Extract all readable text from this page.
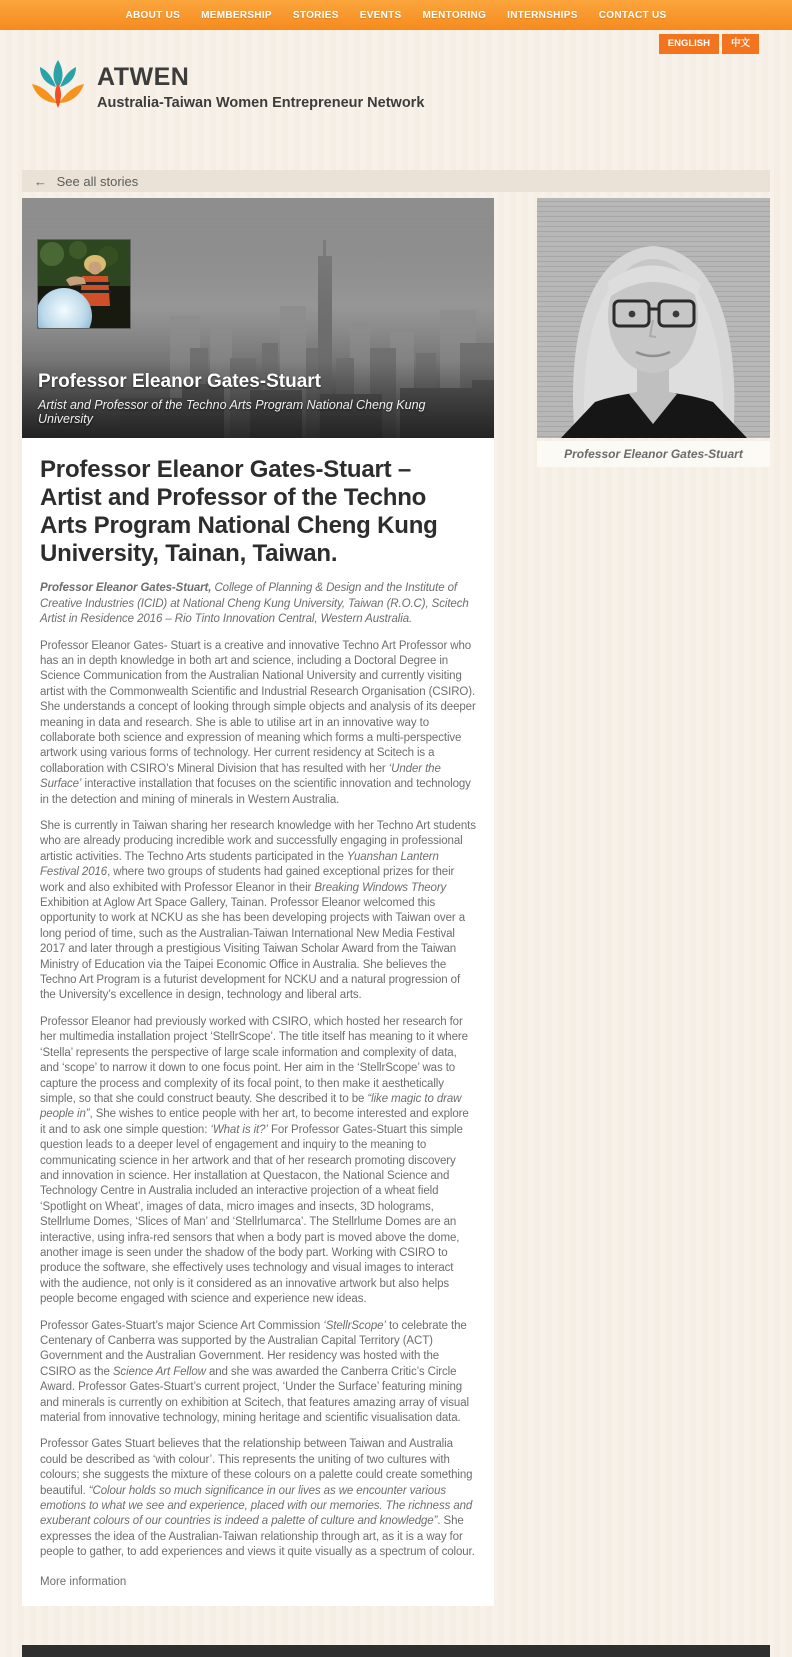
ABOUT US MEMBERSHIP STORIES EVENTS MENTORING INTERNSHIPS CONTACT US
ENGLISH	中文
ATWEN
Australia-Taiwan Women Entrepreneur Network
← See all stories
Professor Eleanor Gates-Stuart
Artist and Professor of the Techno Arts Program National Cheng Kung University
Professor Eleanor Gates-Stuart – Artist and Professor of the Techno Arts Program National Cheng Kung University, Tainan, Taiwan.

Professor Eleanor Gates-Stuart, College of Planning & Design and the Institute of Creative Industries (ICID) at National Cheng Kung University, Taiwan (R.O.C), Scitech Artist in Residence 2016 – Rio Tinto Innovation Central, Western Australia.

Professor Eleanor Gates- Stuart is a creative and innovative Techno Art Professor who has an in depth knowledge in both art and science, including a Doctoral Degree in Science Communication from the Australian National University and currently visiting artist with the Commonwealth Scientific and Industrial Research Organisation (CSIRO). She understands a concept of looking through simple objects and analysis of its deeper meaning in data and research. She is able to utilise art in an innovative way to collaborate both science and expression of meaning which forms a multi-perspective artwork using various forms of technology. Her current residency at Scitech is a collaboration with CSIRO’s Mineral Division that has resulted with her ‘Under the Surface’ interactive installation that focuses on the scientific innovation and technology in the detection and mining of minerals in Western Australia.

She is currently in Taiwan sharing her research knowledge with her Techno Art students who are already producing incredible work and successfully engaging in professional artistic activities. The Techno Arts students participated in the Yuanshan Lantern Festival 2016, where two groups of students had gained exceptional prizes for their work and also exhibited with Professor Eleanor in their Breaking Windows Theory Exhibition at Aglow Art Space Gallery, Tainan. Professor Eleanor welcomed this opportunity to work at NCKU as she has been developing projects with Taiwan over a long period of time, such as the Australian-Taiwan International New Media Festival 2017 and later through a prestigious Visiting Taiwan Scholar Award from the Taiwan Ministry of Education via the Taipei Economic Office in Australia. She believes the Techno Art Program is a futurist development for NCKU and a natural progression of the University’s excellence in design, technology and liberal arts.

Professor Eleanor had previously worked with CSIRO, which hosted her research for her multimedia installation project ‘StellrScope’. The title itself has meaning to it where ‘Stella’ represents the perspective of large scale information and complexity of data, and ‘scope’ to narrow it down to one focus point. Her aim in the ‘StellrScope’ was to capture the process and complexity of its focal point, to then make it aesthetically simple, so that she could construct beauty. She described it to be “like magic to draw people in”, She wishes to entice people with her art, to become interested and explore it and to ask one simple question: ‘What is it?’ For Professor Gates-Stuart this simple question leads to a deeper level of engagement and inquiry to the meaning to communicating science in her artwork and that of her research promoting discovery and innovation in science. Her installation at Questacon, the National Science and Technology Centre in Australia included an interactive projection of a wheat field ‘Spotlight on Wheat’, images of data, micro images and insects, 3D holograms, Stellrlume Domes, ‘Slices of Man’ and ‘Stellrlumarca’. The Stellrlume Domes are an interactive, using infra-red sensors that when a body part is moved above the dome, another image is seen under the shadow of the body part. Working with CSIRO to produce the software, she effectively uses technology and visual images to interact with the audience, not only is it considered as an innovative artwork but also helps people become engaged with science and experience new ideas.

Professor Gates-Stuart’s major Science Art Commission ‘StellrScope’ to celebrate the Centenary of Canberra was supported by the Australian Capital Territory (ACT) Government and the Australian Government. Her residency was hosted with the CSIRO as the Science Art Fellow and she was awarded the Canberra Critic’s Circle Award. Professor Gates-Stuart’s current project, ‘Under the Surface’ featuring mining and minerals is currently on exhibition at Scitech, that features amazing array of visual material from innovative technology, mining heritage and scientific visualisation data.

Professor Gates Stuart believes that the relationship between Taiwan and Australia could be described as ‘with colour’. This represents the uniting of two cultures with colours; she suggests the mixture of these colours on a palette could create something beautiful. “Colour holds so much significance in our lives as we encounter various emotions to what we see and experience, placed with our memories. The richness and exuberant colours of our countries is indeed a palette of culture and knowledge”. She expresses the idea of the Australian-Taiwan relationship through art, as it is a way for people to gather, to add experiences and views it quite visually as a spectrum of colour.

More information
Professor Eleanor Gates-Stuart
